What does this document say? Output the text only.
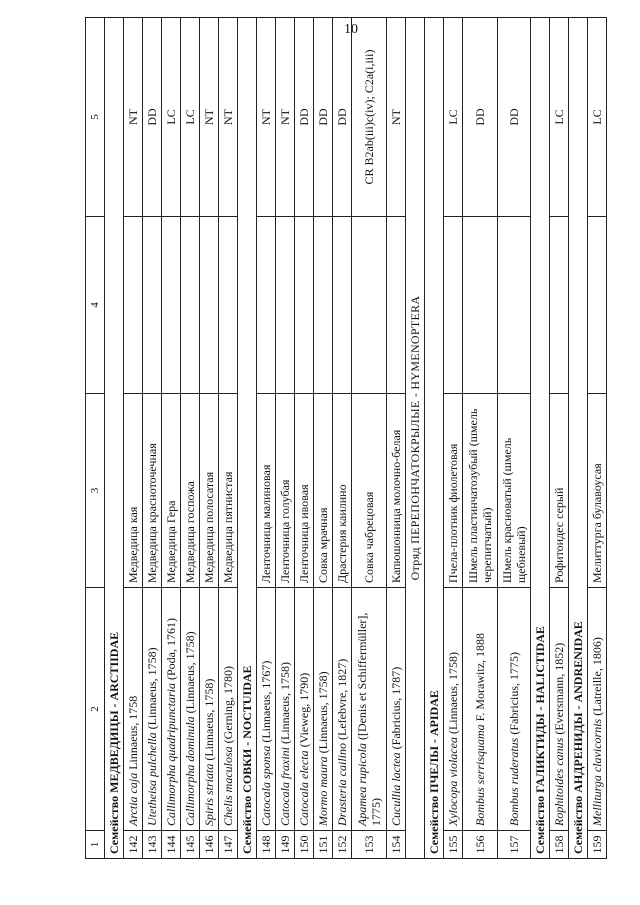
10
1	2	3	4	5
Семейство МЕДВЕДИЦЫ - ARCTIIDAE				
142	Arctia caja Linnaeus, 1758	Медведица кая		NT
143	Utetheisa pulchella (Linnaeus, 1758)	Медведица красноточечная		DD
144	Callimorpha quadripunctaria (Poda, 1761)	Медведица Гера		LC
145	Callimorpha dominula (Linnaeus, 1758)	Медведица госпожа		LC
146	Spiris striata (Linnaeus, 1758)	Медведица полосатая		NT
147	Chelis maculosa (Gerning, 1780)	Медведица пятнистая		NT
Семейство СОВКИ - NOCTUIDAE				
148	Catocala sponsa (Linnaeus, 1767)	Ленточница малиновая		NT
149	Catocala fraxini (Linnaeus, 1758)	Ленточница голубая		NT
150	Catocala electa (Vieweg, 1790)	Ленточница ивовая		DD
151	Mormo maura (Linnaeus, 1758)	Совка мрачная		DD
152	Drasteria cailino (Lefebvre, 1827)	Драстерия каилино		DD
153	Apamea rupicola ([Denis et Schiffermüller], 1775)	Совка чабрецовая		CR B2ab(iii)c(iv); C2a(i,iii)
154	Cucullia lactea (Fabricius, 1787)	Капюшонница молочно-белая		NT
Отряд ПЕРЕПОНЧАТОКРЫЛЫЕ - HYMENOPTERA				
Семейство ПЧЕЛЫ - APIDAE				
155	Xylocopa violacea (Linnaeus, 1758)	Пчела-плотник фиолетовая		LC
156	Bombus serrisquama F. Morawitz, 1888	Шмель пластинчатозубый (шмель черепитчатый)		DD
157	Bombus ruderatus (Fabricius, 1775)	Шмель красноватый (шмель щебневый)		DD
Семейство ГАЛИКТИДЫ - HALICTIDAE				
158	Rophitoides canus (Eversmann, 1852)	Рофитоидес серый		LC
Семейство АНДРЕНИДЫ - ANDRENIDAE				
159	Melliturga clavicornis (Latreille, 1806)	Мелиттурга булавоусая		LC
